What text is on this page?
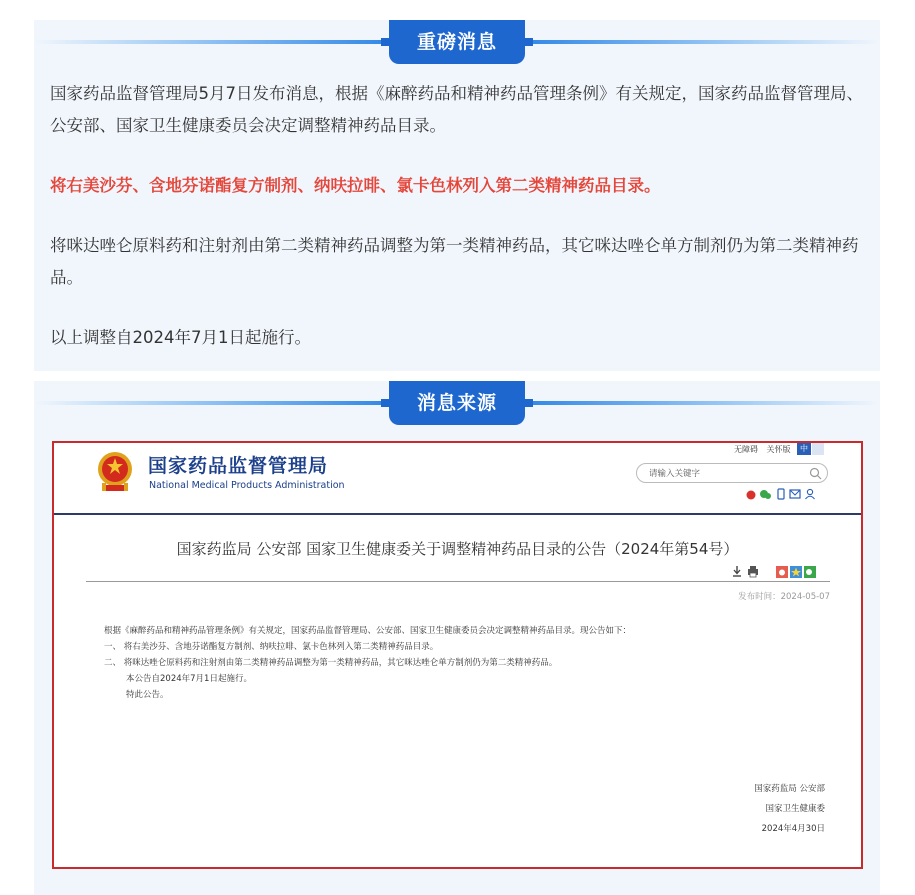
重磅消息

国家药品监督管理局5月7日发布消息，根据《麻醉药品和精神药品管理条例》有关规定，国家药品监督管理局、公安部、国家卫生健康委员会决定调整精神药品目录。

将右美沙芬、含地芬诺酯复方制剂、纳呋拉啡、氯卡色林列入第二类精神药品目录。

将咪达唑仑原料药和注射剂由第二类精神药品调整为第一类精神药品，其它咪达唑仑单方制剂仍为第二类精神药品。

以上调整自2024年7月1日起施行。

消息来源
国家药品监督管理局
National Medical Products Administration
无障碍 关怀版	中
请输入关键字
国家药监局 公安部 国家卫生健康委关于调整精神药品目录的公告（2024年第54号）
发布时间：2024-05-07
根据《麻醉药品和精神药品管理条例》有关规定，国家药品监督管理局、公安部、国家卫生健康委员会决定调整精神药品目录。现公告如下：
一、 将右美沙芬、含地芬诺酯复方制剂、纳呋拉啡、氯卡色林列入第二类精神药品目录。
二、 将咪达唑仑原料药和注射剂由第二类精神药品调整为第一类精神药品，其它咪达唑仑单方制剂仍为第二类精神药品。
本公告自2024年7月1日起施行。
特此公告。
国家药监局 公安部
国家卫生健康委
2024年4月30日
